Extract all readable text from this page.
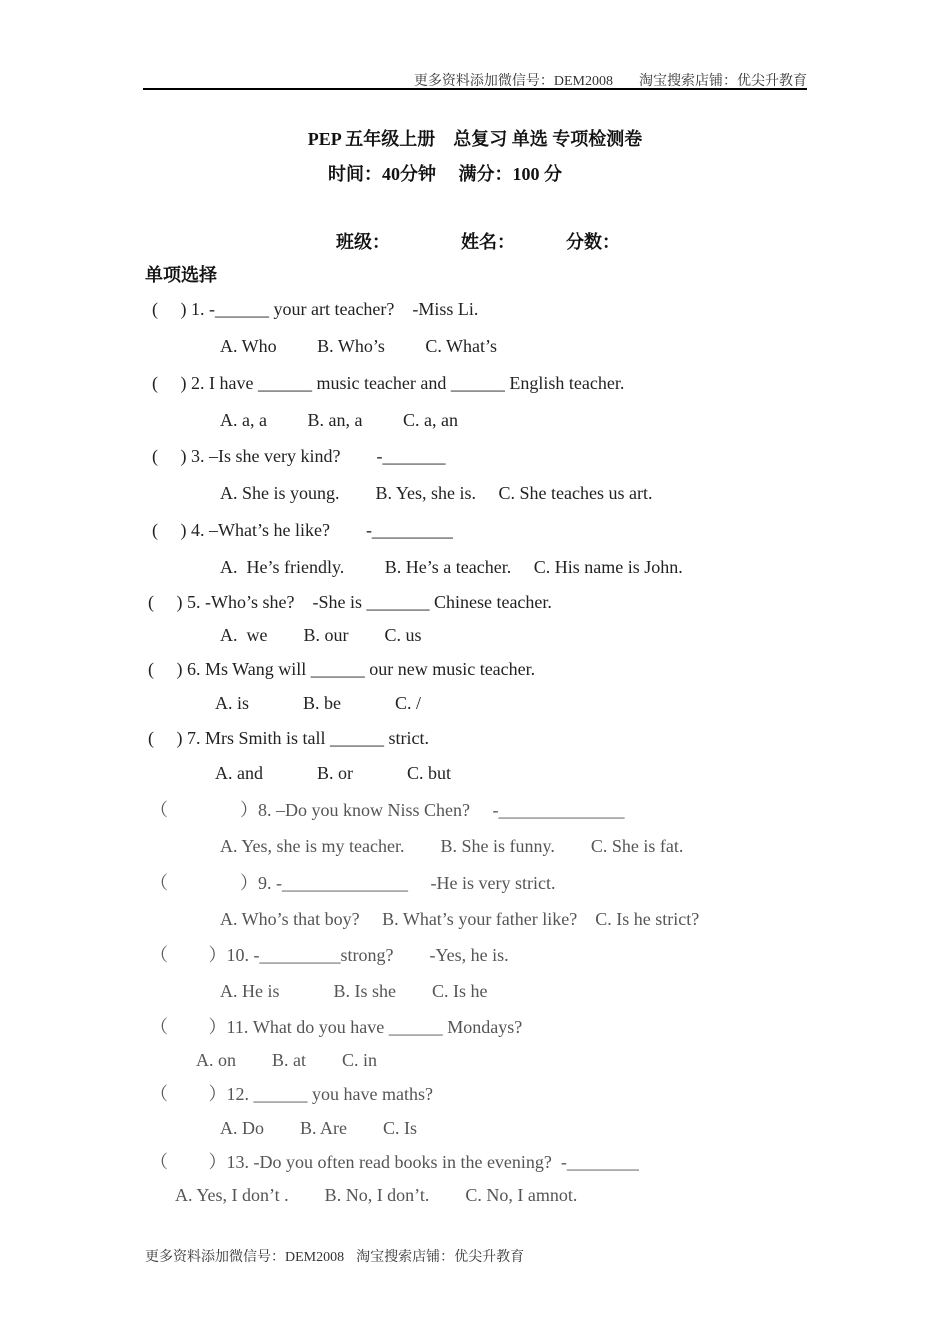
更多资料添加微信号：DEM2008 淘宝搜索店铺：优尖升教育
PEP 五年级上册　总复习 单选 专项检测卷
时间：40分钟　 满分：100 分
班级：	姓名：	分数：
单项选择
(　 ) 1. -______ your art teacher?　-Miss Li.
A. Who　　 B. Who’s　　 C. What’s
(　 ) 2. I have ______ music teacher and ______ English teacher.
A. a, a　　 B. an, a　　 C. a, an
(　 ) 3. –Is she very kind?　　-_______
A. She is young.　　B. Yes, she is.　 C. She teaches us art.
(　 ) 4. –What’s he like?　　-_________
A.  He’s friendly.　　 B. He’s a teacher.　 C. His name is John.
(　 ) 5. -Who’s she?　-She is _______ Chinese teacher.
A.  we　　B. our　　C. us
(　 ) 6. Ms Wang will ______ our new music teacher.
A. is　　　B. be　　　C. /
(　 ) 7. Mrs Smith is tall ______ strict.
A. and　　　B. or　　　C. but
（　　　　）8. –Do you know Niss Chen?　 -______________
A. Yes, she is my teacher.　　B. She is funny.　　C. She is fat.
（　　　　）9. -______________　 -He is very strict.
A. Who’s that boy?　 B. What’s your father like?　C. Is he strict?
（　　 ）10. -_________strong?　　-Yes, he is.
A. He is　　　B. Is she　　C. Is he
（　　 ）11. What do you have ______ Mondays?
A. on　　B. at　　C. in
（　　 ）12. ______ you have maths?
A. Do　　B. Are　　C. Is
（　　 ）13. -Do you often read books in the evening?  -________
A. Yes, I don’t .　　B. No, I don’t.　　C. No, I amnot.
更多资料添加微信号：DEM2008 淘宝搜索店铺：优尖升教育
